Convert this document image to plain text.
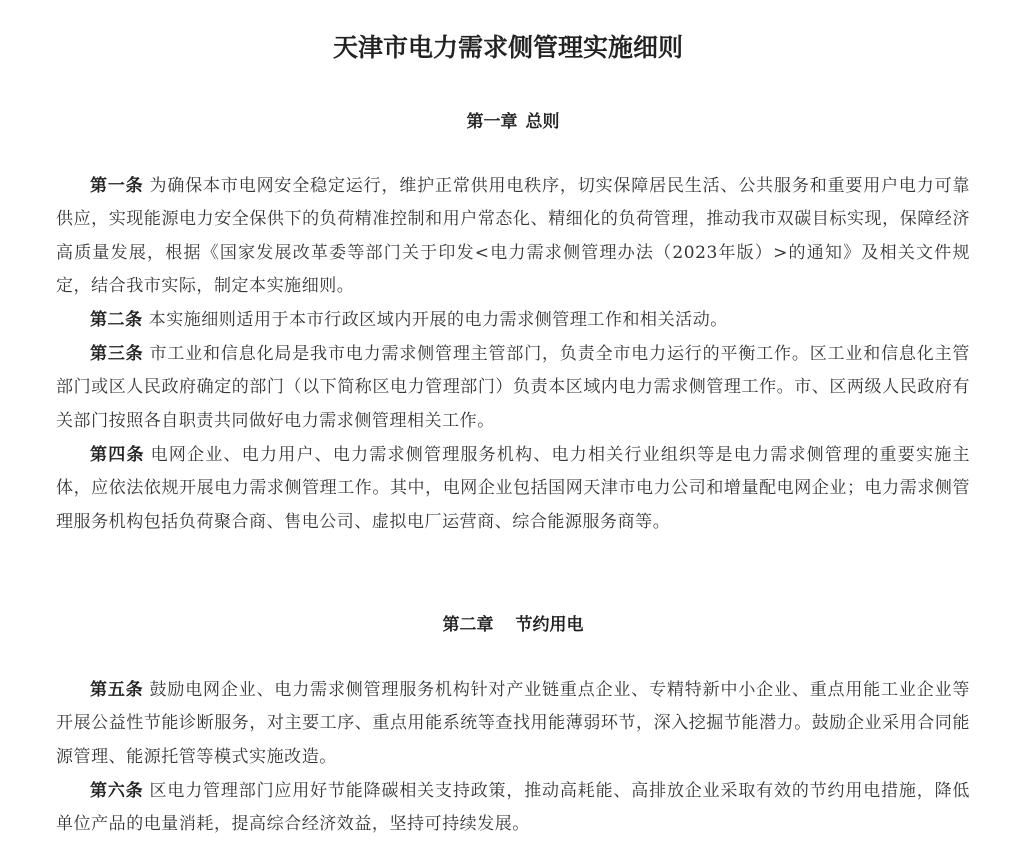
天津市电力需求侧管理实施细则
第一章 总则

第一条 为确保本市电网安全稳定运行，维护正常供用电秩序，切实保障居民生活、公共服务和重要用户电力可靠供应，实现能源电力安全保供下的负荷精准控制和用户常态化、精细化的负荷管理，推动我市双碳目标实现，保障经济高质量发展，根据《国家发展改革委等部门关于印发<电力需求侧管理办法（2023年版）>的通知》及相关文件规定，结合我市实际，制定本实施细则。

第二条 本实施细则适用于本市行政区域内开展的电力需求侧管理工作和相关活动。

第三条 市工业和信息化局是我市电力需求侧管理主管部门，负责全市电力运行的平衡工作。区工业和信息化主管部门或区人民政府确定的部门（以下简称区电力管理部门）负责本区域内电力需求侧管理工作。市、区两级人民政府有关部门按照各自职责共同做好电力需求侧管理相关工作。

第四条 电网企业、电力用户、电力需求侧管理服务机构、电力相关行业组织等是电力需求侧管理的重要实施主体，应依法依规开展电力需求侧管理工作。其中，电网企业包括国网天津市电力公司和增量配电网企业；电力需求侧管理服务机构包括负荷聚合商、售电公司、虚拟电厂运营商、综合能源服务商等。

第二章 节约用电

第五条 鼓励电网企业、电力需求侧管理服务机构针对产业链重点企业、专精特新中小企业、重点用能工业企业等开展公益性节能诊断服务，对主要工序、重点用能系统等查找用能薄弱环节，深入挖掘节能潜力。鼓励企业采用合同能源管理、能源托管等模式实施改造。

第六条 区电力管理部门应用好节能降碳相关支持政策，推动高耗能、高排放企业采取有效的节约用电措施，降低单位产品的电量消耗，提高综合经济效益，坚持可持续发展。
